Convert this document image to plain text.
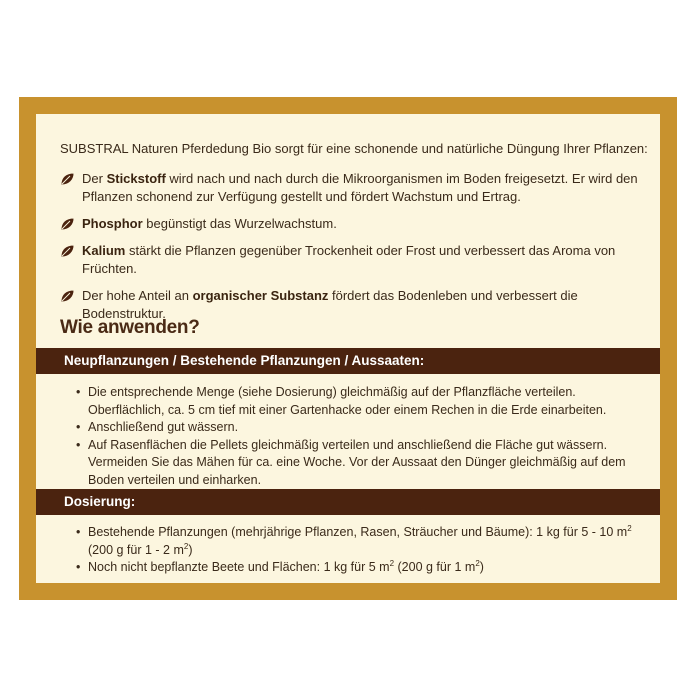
SUBSTRAL Naturen Pferdedung Bio sorgt für eine schonende und natürliche Düngung Ihrer Pflanzen:

Der Stickstoff wird nach und nach durch die Mikroorganismen im Boden freigesetzt. Er wird den Pflanzen schonend zur Verfügung gestellt und fördert Wachstum und Ertrag.
Phosphor begünstigt das Wurzelwachstum.
Kalium stärkt die Pflanzen gegenüber Trockenheit oder Frost und verbessert das Aroma von Früchten.
Der hohe Anteil an organischer Substanz fördert das Bodenleben und verbessert die Bodenstruktur.
Wie anwenden?
Neupflanzungen / Bestehende Pflanzungen / Aussaaten:
• Die entsprechende Menge (siehe Dosierung) gleichmäßig auf der Pflanzfläche verteilen. Oberflächlich, ca. 5 cm tief mit einer Gartenhacke oder einem Rechen in die Erde einarbeiten.
• Anschließend gut wässern.
• Auf Rasenflächen die Pellets gleichmäßig verteilen und anschließend die Fläche gut wässern. Vermeiden Sie das Mähen für ca. eine Woche. Vor der Aussaat den Dünger gleichmäßig auf dem Boden verteilen und einharken.
Dosierung:
• Bestehende Pflanzungen (mehrjährige Pflanzen, Rasen, Sträucher und Bäume): 1 kg für 5 - 10 $m^2$ (200 g für 1 - 2 $m^2$)
• Noch nicht bepflanzte Beete und Flächen: 1 kg für 5 $m^2$ (200 g für 1 $m^2$)
